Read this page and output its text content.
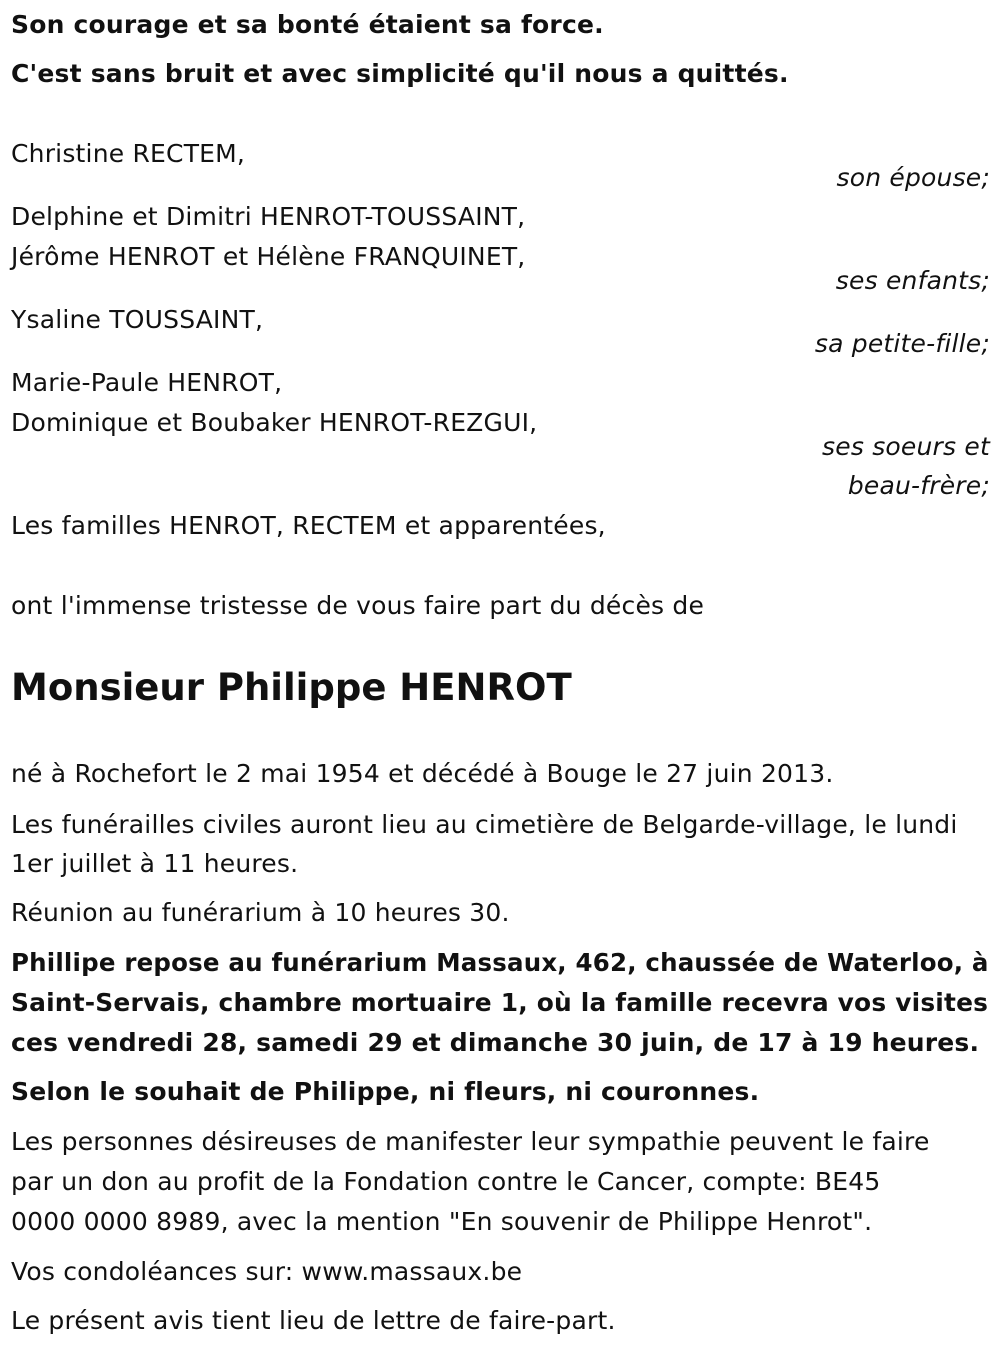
Son courage et sa bonté étaient sa force.
C'est sans bruit et avec simplicité qu'il nous a quittés.
Christine RECTEM,
son épouse;
Delphine et Dimitri HENROT-TOUSSAINT,
Jérôme HENROT et Hélène FRANQUINET,
ses enfants;
Ysaline TOUSSAINT,
sa petite-fille;
Marie-Paule HENROT,
Dominique et Boubaker HENROT-REZGUI,
ses soeurs et
beau-frère;
Les familles HENROT, RECTEM et apparentées,
ont l'immense tristesse de vous faire part du décès de
Monsieur Philippe HENROT
né à Rochefort le 2 mai 1954 et décédé à Bouge le 27 juin 2013.
Les funérailles civiles auront lieu au cimetière de Belgarde-village, le lundi
1er juillet à 11 heures.
Réunion au funérarium à 10 heures 30.
Phillipe repose au funérarium Massaux, 462, chaussée de Waterloo, à
Saint-Servais, chambre mortuaire 1, où la famille recevra vos visites
ces vendredi 28, samedi 29 et dimanche 30 juin, de 17 à 19 heures.
Selon le souhait de Philippe, ni fleurs, ni couronnes.
Les personnes désireuses de manifester leur sympathie peuvent le faire
par un don au profit de la Fondation contre le Cancer, compte: BE45
0000 0000 8989, avec la mention "En souvenir de Philippe Henrot".
Vos condoléances sur: www.massaux.be
Le présent avis tient lieu de lettre de faire-part.
